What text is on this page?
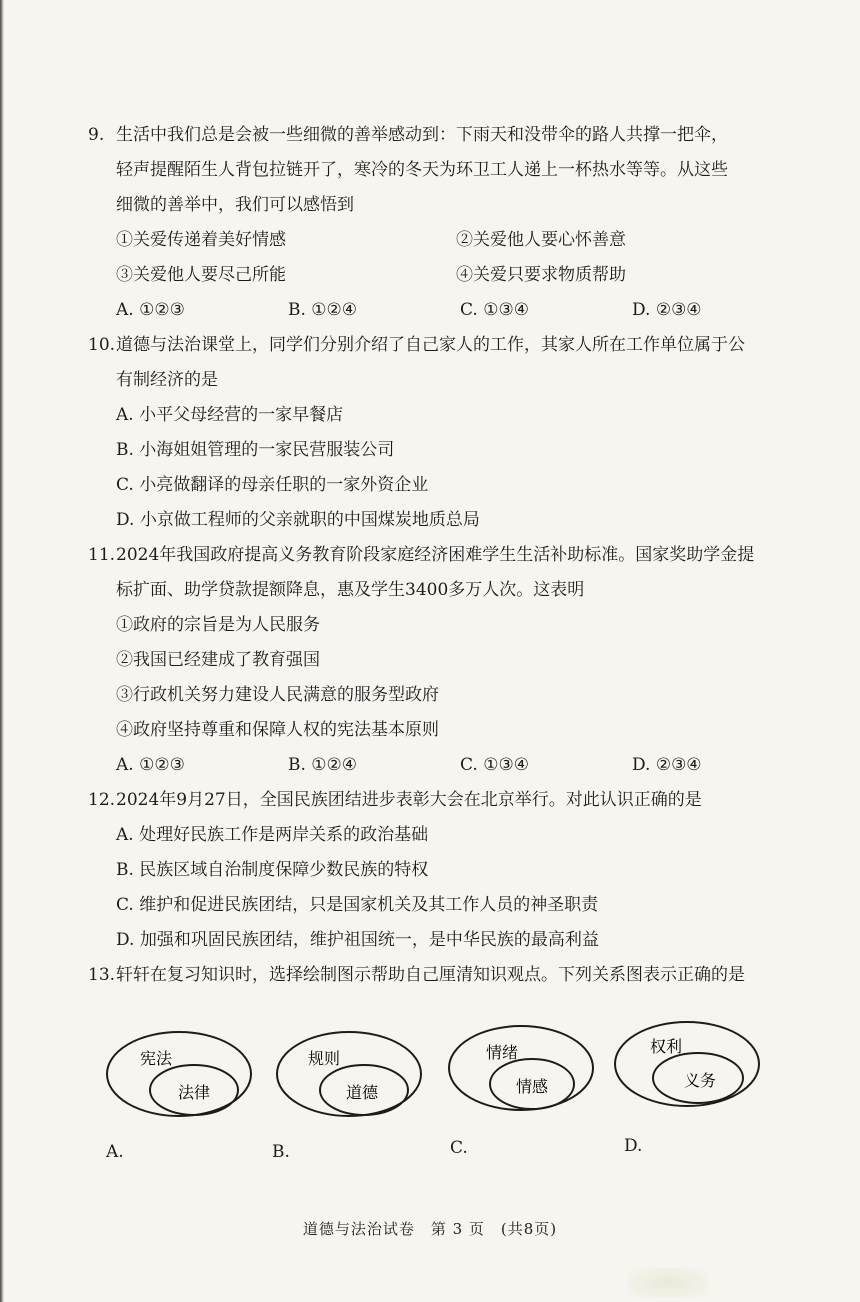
9. 生活中我们总是会被一些细微的善举感动到：下雨天和没带伞的路人共撑一把伞，
轻声提醒陌生人背包拉链开了，寒冷的冬天为环卫工人递上一杯热水等等。从这些
细微的善举中，我们可以感悟到
①关爱传递着美好情感	②关爱他人要心怀善意
③关爱他人要尽己所能	④关爱只要求物质帮助
A. ①②③	B. ①②④	C. ①③④	D. ②③④
10.道德与法治课堂上，同学们分别介绍了自己家人的工作，其家人所在工作单位属于公
有制经济的是
A. 小平父母经营的一家早餐店
B. 小海姐姐管理的一家民营服装公司
C. 小亮做翻译的母亲任职的一家外资企业
D. 小京做工程师的父亲就职的中国煤炭地质总局
11.2024年我国政府提高义务教育阶段家庭经济困难学生生活补助标准。国家奖助学金提
标扩面、助学贷款提额降息，惠及学生3400多万人次。这表明
①政府的宗旨是为人民服务
②我国已经建成了教育强国
③行政机关努力建设人民满意的服务型政府
④政府坚持尊重和保障人权的宪法基本原则
A. ①②③	B. ①②④	C. ①③④	D. ②③④
12.2024年9月27日，全国民族团结进步表彰大会在北京举行。对此认识正确的是
A. 处理好民族工作是两岸关系的政治基础
B. 民族区域自治制度保障少数民族的特权
C. 维护和促进民族团结，只是国家机关及其工作人员的神圣职责
D. 加强和巩固民族团结，维护祖国统一，是中华民族的最高利益
13.轩轩在复习知识时，选择绘制图示帮助自己厘清知识观点。下列关系图表示正确的是
宪法
法律
A.
规则
道德
B.
情绪
情感
C.
权利
义务
D.
道德与法治试卷　第 3 页　(共8页)
